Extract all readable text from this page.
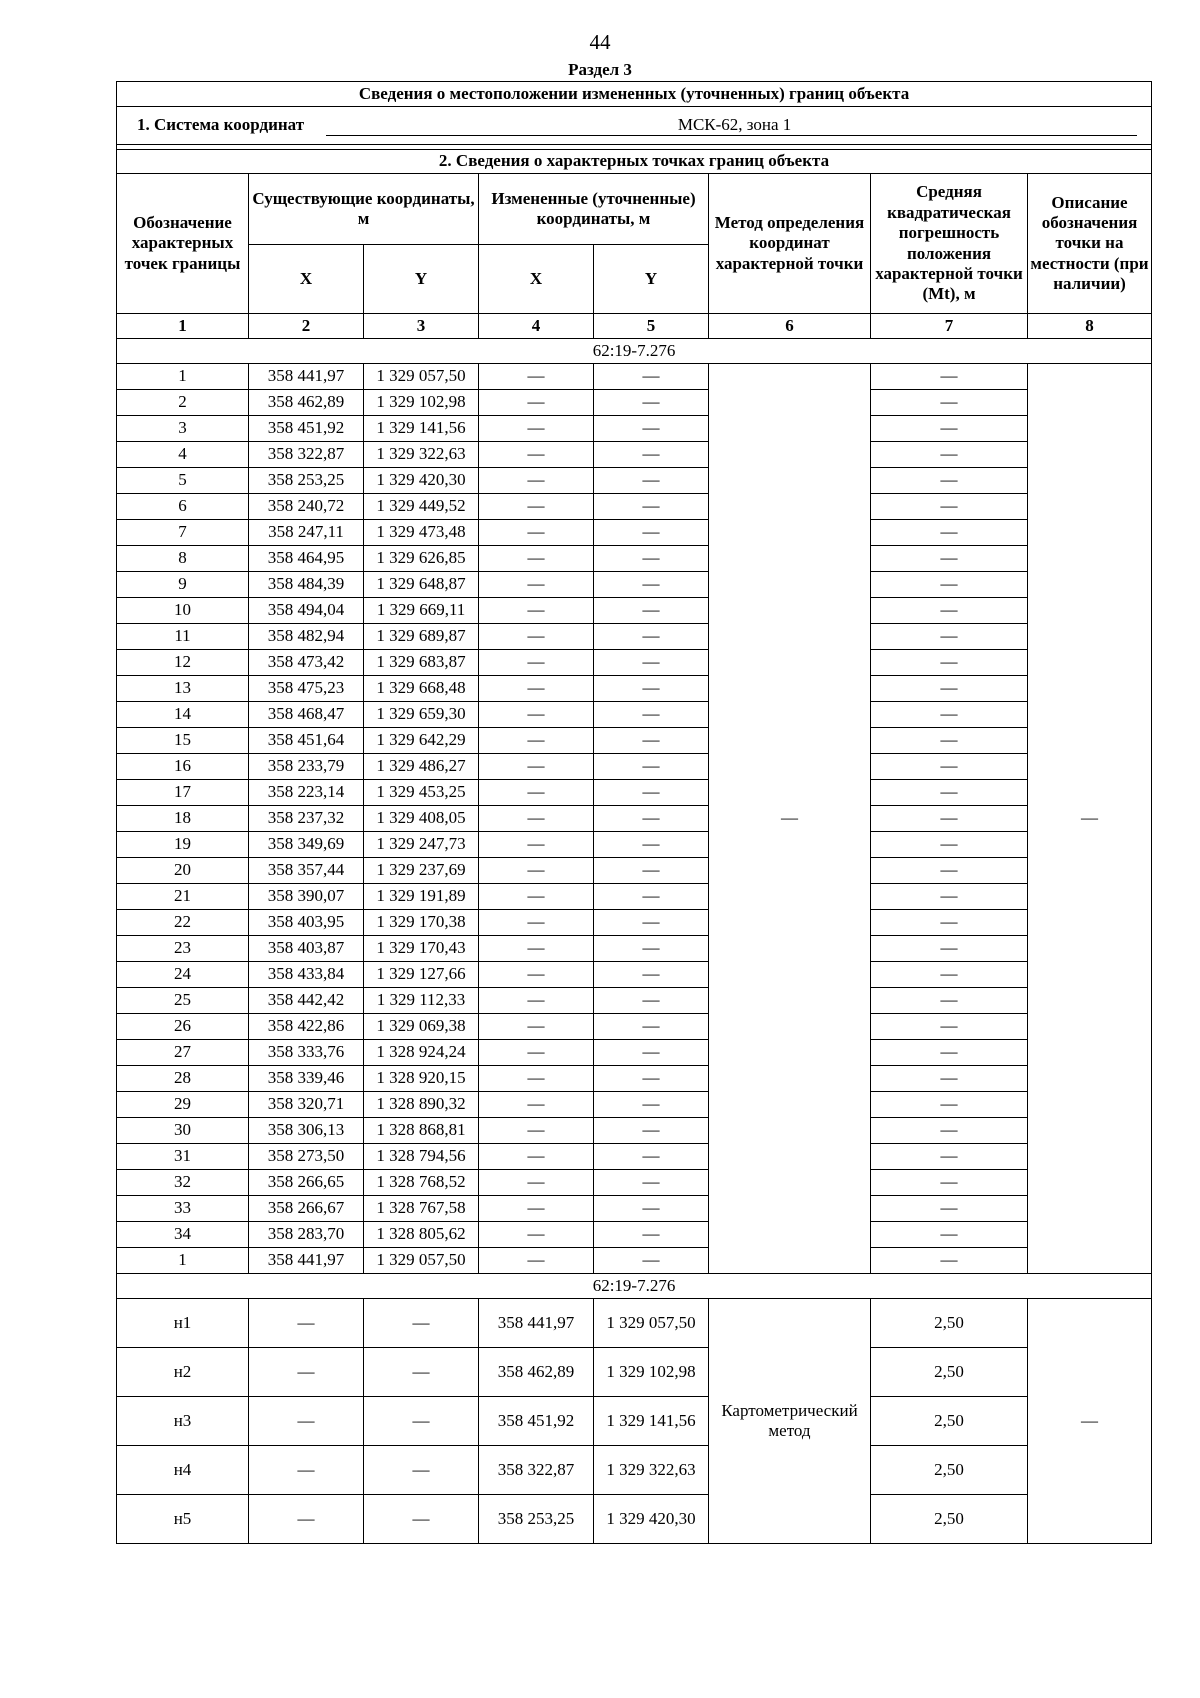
44
Раздел 3
Сведения о местоположении измененных (уточненных) границ объекта							
1. Система координат МСК-62, зона 1							

2. Сведения о характерных точках границ объекта							
Обозначение характерных точек границы	Существующие координаты, м		Измененные (уточненные) координаты, м		Метод определения координат характерной точки	Средняя квадратическая погрешность положения характерной точки (Mt), м	Описание обозначения точки на местности (при наличии)
	X	Y	X	Y			
1	2	3	4	5	6	7	8
62:19-7.276							
1	358 441,97	1 329 057,50	—	—	—	—	—
2	358 462,89	1 329 102,98	—	—		—	
3	358 451,92	1 329 141,56	—	—		—	
4	358 322,87	1 329 322,63	—	—		—	
5	358 253,25	1 329 420,30	—	—		—	
6	358 240,72	1 329 449,52	—	—		—	
7	358 247,11	1 329 473,48	—	—		—	
8	358 464,95	1 329 626,85	—	—		—	
9	358 484,39	1 329 648,87	—	—		—	
10	358 494,04	1 329 669,11	—	—		—	
11	358 482,94	1 329 689,87	—	—		—	
12	358 473,42	1 329 683,87	—	—		—	
13	358 475,23	1 329 668,48	—	—		—	
14	358 468,47	1 329 659,30	—	—		—	
15	358 451,64	1 329 642,29	—	—		—	
16	358 233,79	1 329 486,27	—	—		—	
17	358 223,14	1 329 453,25	—	—		—	
18	358 237,32	1 329 408,05	—	—		—	
19	358 349,69	1 329 247,73	—	—		—	
20	358 357,44	1 329 237,69	—	—		—	
21	358 390,07	1 329 191,89	—	—		—	
22	358 403,95	1 329 170,38	—	—		—	
23	358 403,87	1 329 170,43	—	—		—	
24	358 433,84	1 329 127,66	—	—		—	
25	358 442,42	1 329 112,33	—	—		—	
26	358 422,86	1 329 069,38	—	—		—	
27	358 333,76	1 328 924,24	—	—		—	
28	358 339,46	1 328 920,15	—	—		—	
29	358 320,71	1 328 890,32	—	—		—	
30	358 306,13	1 328 868,81	—	—		—	
31	358 273,50	1 328 794,56	—	—		—	
32	358 266,65	1 328 768,52	—	—		—	
33	358 266,67	1 328 767,58	—	—		—	
34	358 283,70	1 328 805,62	—	—		—	
1	358 441,97	1 329 057,50	—	—		—	
62:19-7.276							
н1	—	—	358 441,97	1 329 057,50	Картометрический метод	2,50	—
н2	—	—	358 462,89	1 329 102,98		2,50	
н3	—	—	358 451,92	1 329 141,56		2,50	
н4	—	—	358 322,87	1 329 322,63		2,50	
н5	—	—	358 253,25	1 329 420,30		2,50	
